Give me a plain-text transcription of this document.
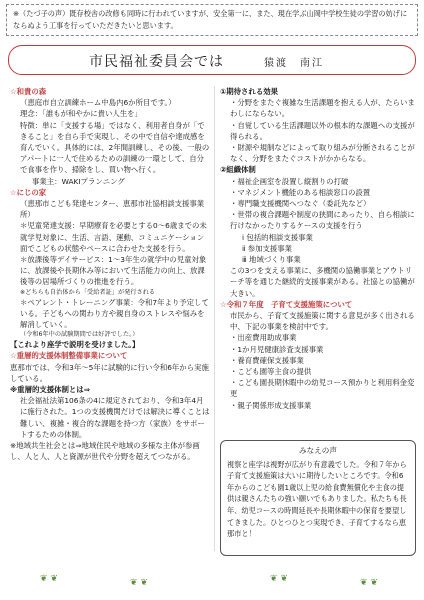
※（たづ子の声）既存校舎の改修も同時に行われていますが、安全第一に、また、現在学ぶ山岡中学校生徒の学習の妨げにならぬよう工事を行っていただきたいと思います。
市民福祉委員会では	猿渡　南江

☆和貴の森

（恵庭市自立訓練ホーム中島内6か所目です。）

理念：「誰もが和やかに貴い人生を」

特徴：単に「支援する場」ではなく、利用者自身が「できること」を自ら手で実現し、その中で自信や達成感を育んでいく。具体的には、2年間訓練し、その後、一般のアパートに一人で住めるための訓練の一環として、自分で食事を作り、掃除をし、買い物へ行く。

事業主：WAKIプランニング

☆にじの家

（恵那市こども発達センター、恵那市社協相談支援事業所）

＊児童発達支援：早期療育を必要とする0〜6歳までの未就学児対象に、生活、言語、運動、コミュニケーション面でこどもの状態やペースに合わせた支援を行う。

＊放課後等デイサービス：1〜3年生の就学中の児童対象に、放課後や長期休み等において生活能力の向上、放課後等の居場所づくりの推進を行う。

※どちらも自治体から「受給者証」が発行される

＊ペアレント・トレーニング事業：令和7年より予定している。子どもへの関わり方や親自身のストレスや悩みを解消していく。

（令和6年中の試験期間では好評でした。）

【これより座学で説明を受けました。】

☆重層的支援体制整備事業について

恵那市では、令和3年〜5年に試験的に行い令和6年から実施している。

※重層的支援体制とは⇒

社会福祉法第106条の4に規定されており、令和3年4月に施行された。1つの支援機関だけでは解決に導くことは難しい、複雑・複合的な課題を持つ方（家族）をサポートするための体制。

※地域共生社会とは⇒地域住民や地域の多様な主体が参画し、人と人、人と資源が世代や分野を超えてつながる。

①期待される効果

・分野をまたぐ複雑な生活課題を抱える人が、たらいまわしにならない。

・自覚している生活課題以外の根本的な課題への支援が得られる。

・財源や規制などによって取り組みが分断されることがなく、分野をまたぐコストがかからなる。

②組織体制

・福祉企画室を設置し縦割りの打破

・マネジメント機能のある相談窓口の設置

・専門職支援機関へつなぐ（委託先など）

・世帯の複合課題や制度の狭間にあったり、自ら相談に行けなかったりするケースの支援を行う

ⅰ 包括的相談支援事業

ⅱ 参加支援事業

ⅲ 地域づくり事業

この3つを支える事業に、多機関の協働事業とアウトリーチ等を通じた継続的支援事業がある。社協との協働が大きい。

☆令和７年度　子育て支援施策について

市民から、子育て支援施策に関する意見が多く出される中、下記の事業を検討中です。

・出産費用助成事業

・1か月児健康診査支援事業

・養育費確保支援事業

・こども園等主食の提供

・こども園長期休暇中の幼児コース預かりと利用料金変更

・親子関係形成支援事業

みなえの声
視察と座学は視野が広がり有意義でした。令和７年から子育て支援施策は大いに期待したいところです。令和6年からのこども園1歳以上児の給食費無償化や主食の提供は親さんたちの強い願いでもありました。私たちも長年、幼児コースの時間延長や長期休暇中の保育を要望してきました。ひとつひとつ実現でき、子育てするなら恵那市と！
❦ ❦	❦ ❦	❦ ❦	❦ ❦
